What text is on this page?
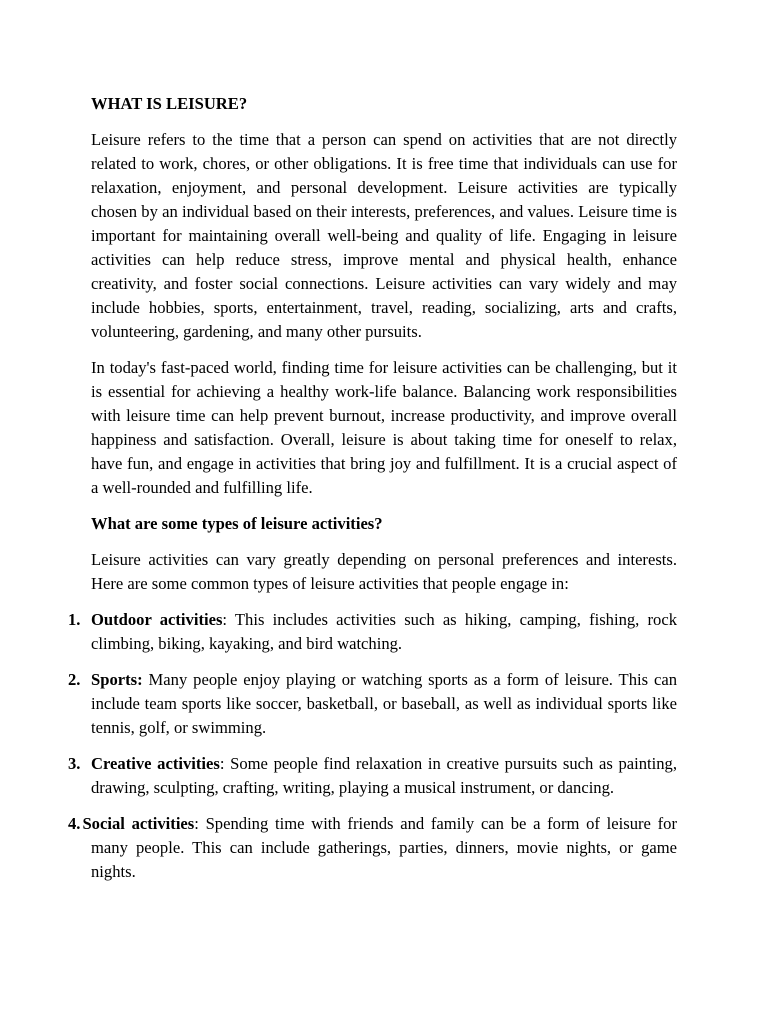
WHAT IS LEISURE?

Leisure refers to the time that a person can spend on activities that are not directly related to work, chores, or other obligations. It is free time that individuals can use for relaxation, enjoyment, and personal development. Leisure activities are typically chosen by an individual based on their interests, preferences, and values. Leisure time is important for maintaining overall well-being and quality of life. Engaging in leisure activities can help reduce stress, improve mental and physical health, enhance creativity, and foster social connections. Leisure activities can vary widely and may include hobbies, sports, entertainment, travel, reading, socializing, arts and crafts, volunteering, gardening, and many other pursuits.

In today's fast-paced world, finding time for leisure activities can be challenging, but it is essential for achieving a healthy work-life balance. Balancing work responsibilities with leisure time can help prevent burnout, increase productivity, and improve overall happiness and satisfaction. Overall, leisure is about taking time for oneself to relax, have fun, and engage in activities that bring joy and fulfillment. It is a crucial aspect of a well-rounded and fulfilling life.

What are some types of leisure activities?

Leisure activities can vary greatly depending on personal preferences and interests. Here are some common types of leisure activities that people engage in:

1. Outdoor activities: This includes activities such as hiking, camping, fishing, rock climbing, biking, kayaking, and bird watching.
2. Sports: Many people enjoy playing or watching sports as a form of leisure. This can include team sports like soccer, basketball, or baseball, as well as individual sports like tennis, golf, or swimming.
3. Creative activities: Some people find relaxation in creative pursuits such as painting, drawing, sculpting, crafting, writing, playing a musical instrument, or dancing.
4. Social activities: Spending time with friends and family can be a form of leisure for many people. This can include gatherings, parties, dinners, movie nights, or game nights.
